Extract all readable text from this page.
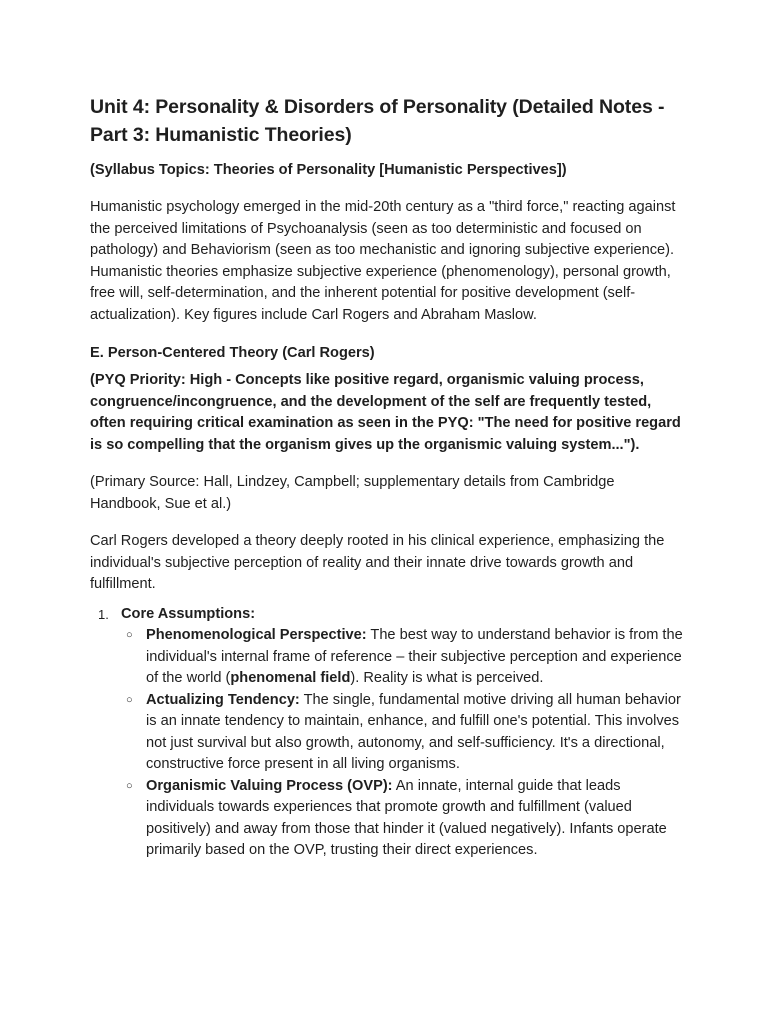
Unit 4: Personality & Disorders of Personality (Detailed Notes - Part 3: Humanistic Theories)
(Syllabus Topics: Theories of Personality [Humanistic Perspectives])

Humanistic psychology emerged in the mid-20th century as a "third force," reacting against the perceived limitations of Psychoanalysis (seen as too deterministic and focused on pathology) and Behaviorism (seen as too mechanistic and ignoring subjective experience). Humanistic theories emphasize subjective experience (phenomenology), personal growth, free will, self-determination, and the inherent potential for positive development (self-actualization). Key figures include Carl Rogers and Abraham Maslow.

E. Person-Centered Theory (Carl Rogers)
(PYQ Priority: High - Concepts like positive regard, organismic valuing process, congruence/incongruence, and the development of the self are frequently tested, often requiring critical examination as seen in the PYQ: "The need for positive regard is so compelling that the organism gives up the organismic valuing system...").

(Primary Source: Hall, Lindzey, Campbell; supplementary details from Cambridge Handbook, Sue et al.)

Carl Rogers developed a theory deeply rooted in his clinical experience, emphasizing the individual's subjective perception of reality and their innate drive towards growth and fulfillment.

1. Core Assumptions:
○ Phenomenological Perspective: The best way to understand behavior is from the individual's internal frame of reference – their subjective perception and experience of the world (phenomenal field). Reality is what is perceived.
○ Actualizing Tendency: The single, fundamental motive driving all human behavior is an innate tendency to maintain, enhance, and fulfill one's potential. This involves not just survival but also growth, autonomy, and self-sufficiency. It's a directional, constructive force present in all living organisms.
○ Organismic Valuing Process (OVP): An innate, internal guide that leads individuals towards experiences that promote growth and fulfillment (valued positively) and away from those that hinder it (valued negatively). Infants operate primarily based on the OVP, trusting their direct experiences.
